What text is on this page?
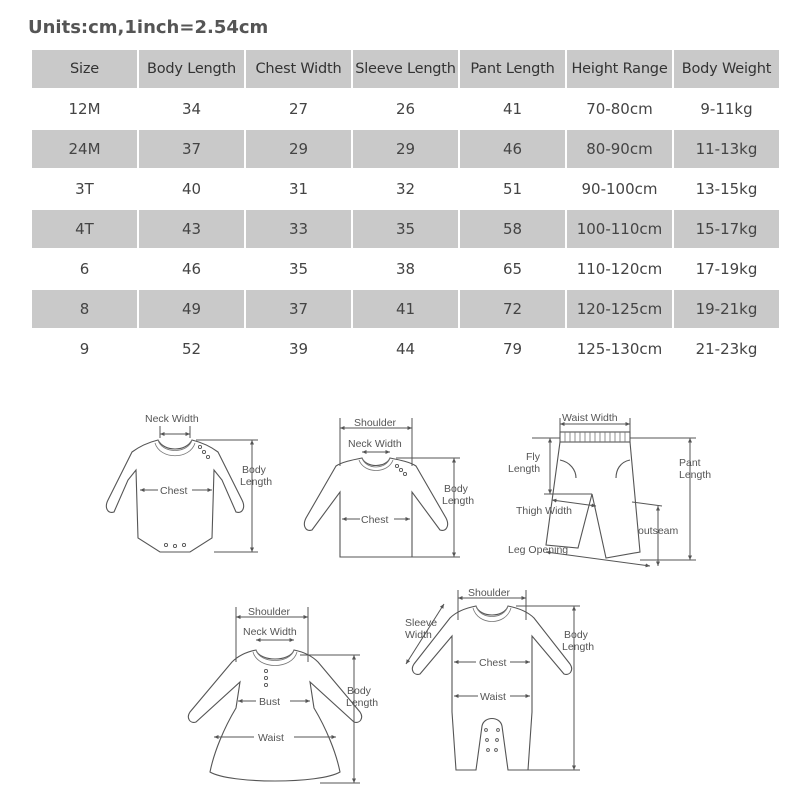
Units:cm,1inch=2.54cm
Size	Body Length	Chest Width	Sleeve Length	Pant Length	Height Range	Body Weight
12M	34	27	26	41	70-80cm	9-11kg
24M	37	29	29	46	80-90cm	11-13kg
3T	40	31	32	51	90-100cm	13-15kg
4T	43	33	35	58	100-110cm	15-17kg
6	46	35	38	65	110-120cm	17-19kg
8	49	37	41	72	120-125cm	19-21kg
9	52	39	44	79	125-130cm	21-23kg
Neck Width
Chest
Body
Length
Shoulder
Neck Width
Chest
Body
Length
Waist Width
Fly
Length	Pant
Length
Thigh Width
outseam
Leg Opening
Shoulder
Neck Width
Bust
Waist
Body
Length
Shoulder
Sleeve
Width
Chest
Waist
Body
Length
